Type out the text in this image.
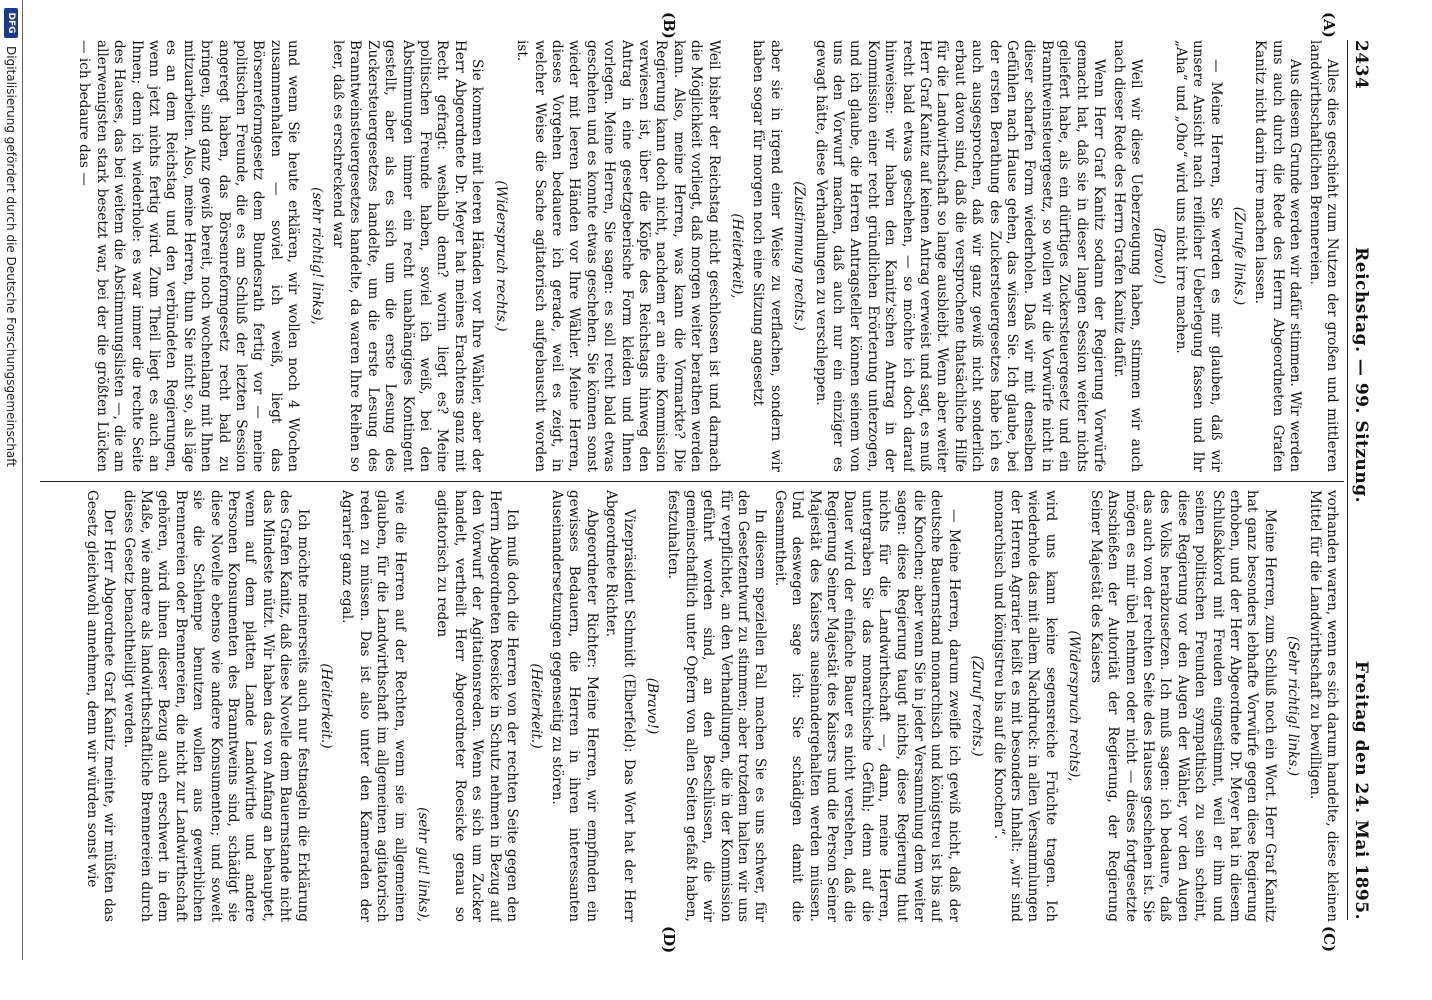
2434
Reichstag. — 99. Sitzung.
Freitag den 24. Mai 1895.
(A)
(B)
(C)
(D)

Alles dies geschieht zum Nutzen der großen und mittleren landwirthschaftlichen Brennereien.

Aus diesem Grunde werden wir dafür stimmen. Wir werden uns auch durch die Rede des Herrn Abgeordneten Grafen Kanitz nicht darin irre machen lassen.

(Zurufe links.)

— Meine Herren, Sie werden es mir glauben, daß wir unsere Ansicht nach reiflicher Ueberlegung fassen und Ihr „Aha“ und „Oho“ wird uns nicht irre machen.

(Bravo!)

Weil wir diese Ueberzeugung haben, stimmen wir auch nach dieser Rede des Herrn Grafen Kanitz dafür.

Wenn Herr Graf Kanitz sodann der Regierung Vorwürfe gemacht hat, daß sie in dieser langen Session weiter nichts geliefert habe, als ein dürftiges Zuckersteuergesetz und ein Branntweinsteuergesetz, so wollen wir die Vorwürfe nicht in dieser scharfen Form wiederholen. Daß wir mit denselben Gefühlen nach Hause gehen, das wissen Sie. Ich glaube, bei der ersten Berathung des Zuckersteuergesetzes habe ich es auch ausgesprochen, daß wir ganz gewiß nicht sonderlich erbaut davon sind, daß die versprochene thatsächliche Hilfe für die Landwirthschaft so lange ausbleibt. Wenn aber weiter Herr Graf Kanitz auf keinen Antrag verweist und sagt, es muß recht bald etwas geschehen, — so möchte ich doch darauf hinweisen: wir haben den Kanitz'schen Antrag in der Kommission einer recht gründlichen Erörterung unterzogen, und ich glaube, die Herren Antragsteller können seinem von uns den Vorwurf machen, daß auch nur ein einziger es gewagt hätte, diese Verhandlungen zu verschleppen.

(Zustimmung rechts.)

aber sie in irgend einer Weise zu verflachen, sondern wir haben sogar für morgen noch eine Sitzung angesetzt

(Heiterkeit),

Weil bisher der Reichstag nicht geschlossen ist und darnach die Möglichkeit vorliegt, daß morgen weiter berathen werden kann. Also, meine Herren, was kann die Vormarkte? Die Regierung kann doch nicht, nachdem er an eine Kommission verwiesen ist, über die Köpfe des Reichstags hinweg den Antrag in eine gesetzgeberische Form kleiden und Ihnen vorlegen. Meine Herren, Sie sagen: es soll recht bald etwas geschehen und es konnte etwas geschehen. Sie können sonst wieder mit leeren Händen vor Ihre Wähler. Meine Herren, dieses Vorgehen bedauere ich gerade, weil es zeigt, in welcher Weise die Sache agitatorisch aufgebauscht worden ist.

(Widerspruch rechts.)

Sie kommen mit leeren Händen vor Ihre Wähler, aber der Herr Abgeordnete Dr. Meyer hat meines Erachtens ganz mit Recht gefragt: weshalb denn? worin liegt es? Meine politischen Freunde haben, soviel ich weiß, bei den Abstimmungen immer ein recht unabhängiges Kontingent gestellt, aber als es sich um die erste Lesung des Zuckersteuergesetzes handelte, um die erste Lesung des Branntweinsteuergesetzes handelte, da waren Ihre Reihen so leer, daß es erschreckend war

(sehr richtig! links),

und wenn Sie heute erklären, wir wollen noch 4 Wochen zusammenhalten — soviel ich weiß, liegt das Börsenreformgesetz dem Bundesrath fertig vor — meine politischen Freunde, die es am Schluß der letzten Session angeregt haben, das Börsenreformgesetz recht bald zu bringen, sind ganz gewiß bereit, noch wochenlang mit Ihnen mitzuarbeiten. Also, meine Herren, thun Sie nicht so, als läge es an dem Reichstag und den verbündeten Regierungen, wenn jetzt nichts fertig wird. Zum Theil liegt es auch an Ihnen; denn ich wiederhole: es war immer die rechte Seite des Hauses, das bei weitem die Abstimmungslisten —, die am allerwenigsten stark besetzt war, bei der die größten Lücken — ich bedaure das —

vorhanden waren, wenn es sich darum handelte, diese kleinen Mittel für die Landwirthschaft zu bewilligen.

(Sehr richtig! links.)

Meine Herren, zum Schluß noch ein Wort. Herr Graf Kanitz hat ganz besonders lebhafte Vorwürfe gegen diese Regierung erhoben, und der Herr Abgeordnete Dr. Meyer hat in diesem Schlußakkord mit Freuden eingestimmt, weil er ihm und seinen politischen Freunden sympathisch zu sein scheint, diese Regierung vor den Augen der Wähler, vor den Augen des Volks herabzusetzen. Ich muß sagen: ich bedaure, daß das auch von der rechten Seite des Hauses geschehen ist. Sie mögen es mir übel nehmen oder nicht — dieses fortgesetzte Anschießen der Autorität der Regierung, der Regierung Seiner Majestät des Kaisers

(Widerspruch rechts),

wird uns kann keine segensreiche Früchte tragen. Ich wiederhole das mit allem Nachdruck: in allen Versammlungen der Herren Agrarier heißt es mit besonders Inhalt: „wir sind monarchisch und königstreu bis auf die Knochen“.

(Zuruf rechts.)

— Meine Herren, darum zweifle ich gewiß nicht, daß der deutsche Bauernstand monarchisch und königstreu ist bis auf die Knochen; aber wenn Sie in jeder Versammlung dem weiter sagen: diese Regierung taugt nichts, diese Regierung thut nichts für die Landwirthschaft —, dann, meine Herren, untergraben Sie das monarchische Gefühl; denn auf die Dauer wird der einfache Bauer es nicht verstehen, daß die Regierung Seiner Majestät des Kaisers und die Person Seiner Majestät des Kaisers auseinandergehalten werden müssen. Und deswegen sage ich: Sie schädigen damit die Gesammtheit.

In diesem speziellen Fall machen Sie es uns schwer, für den Gesetzentwurf zu stimmen; aber trotzdem halten wir uns für verpflichtet, an den Verhandlungen, die in der Kommission geführt worden sind, an den Beschlüssen, die wir gemeinschaftlich unter Opfern von allen Seiten gefaßt haben, festzuhalten.

(Bravo!)

Vizepräsident Schmidt (Elberfeld): Das Wort hat der Herr Abgeordnete Richter.

Abgeordneter Richter: Meine Herren, wir empfinden ein gewisses Bedauern, die Herren in ihren interessanten Auseinandersetzungen gegenseitig zu stören.

(Heiterkeit.)

Ich muß doch die Herren von der rechten Seite gegen den Herrn Abgeordneten Roesicke in Schutz nehmen in Bezug auf den Vorwurf der Agitationsreden. Wenn es sich um Zucker handelt, vertheilt Herr Abgeordneter Roesicke genau so agitatorisch zu reden

(sehr gut! links),

wie die Herren auf der Rechten, wenn sie im allgemeinen glauben, für die Landwirthschaft im allgemeinen agitatorisch reden zu müssen. Das ist also unter den Kameraden der Agrarier ganz egal.

(Heiterkeit.)

Ich möchte meinerseits auch nur festnageln die Erklärung des Grafen Kanitz, daß diese Novelle dem Bauernstande nicht das Mindeste nützt. Wir haben das von Anfang an behauptet, wenn auf dem platten Lande Landwirthe und andere Personen Konsumenten des Branntweins sind, schädigt sie diese Novelle ebenso wie andere Konsumenten; und soweit sie die Schlempe benutzen wollen aus gewerblichen Brennereien oder Brennereien, die nicht zur Landwirthschaft gehören, wird ihnen dieser Bezug auch erschwert in dem Maße, wie andere als landwirthschaftliche Brennereien durch dieses Gesetz benachtheiligt werden.

Der Herr Abgeordnete Graf Kanitz meinte, wir müßten das Gesetz gleichwohl annehmen, denn wir würden sonst wie

DFG
Digitalisierung gefördert durch die Deutsche Forschungsgemeinschaft
